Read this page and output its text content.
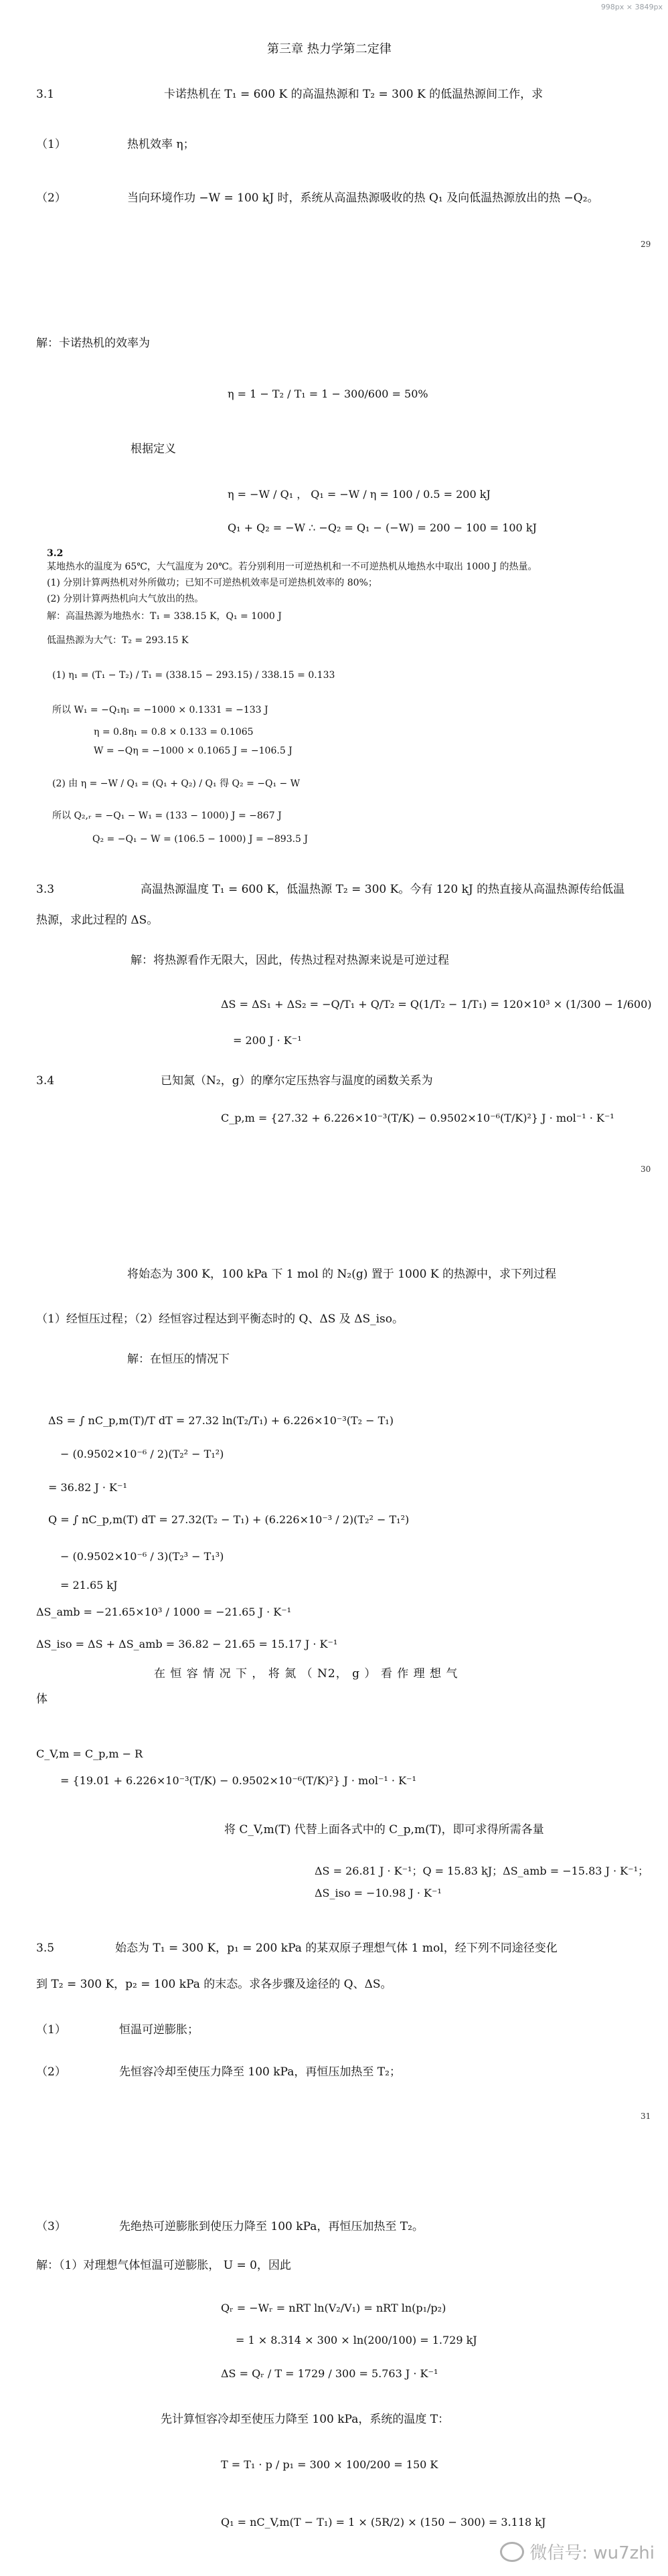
998px × 3849px
第三章 热力学第二定律
3.1	卡诺热机在 T₁ = 600 K 的高温热源和 T₂ = 300 K 的低温热源间工作，求
（1）	热机效率 η；
（2）	当向环境作功 −W = 100 kJ 时，系统从高温热源吸收的热 Q₁ 及向低温热源放出的热 −Q₂。
29
解：卡诺热机的效率为
η = 1 − T₂ / T₁ = 1 − 300/600 = 50%
根据定义
η = −W / Q₁ ， Q₁ = −W / η = 100 / 0.5 = 200 kJ
Q₁ + Q₂ = −W ∴ −Q₂ = Q₁ − (−W) = 200 − 100 = 100 kJ
3.2
某地热水的温度为 65℃，大气温度为 20℃。若分别利用一可逆热机和一不可逆热机从地热水中取出 1000 J 的热量。
(1) 分别计算两热机对外所做功；已知不可逆热机效率是可逆热机效率的 80%；
(2) 分别计算两热机向大气放出的热。
解：高温热源为地热水：T₁ = 338.15 K，Q₁ = 1000 J
低温热源为大气：T₂ = 293.15 K
(1) η₁ = (T₁ − T₂) / T₁ = (338.15 − 293.15) / 338.15 = 0.133
所以 W₁ = −Q₁η₁ = −1000 × 0.1331 = −133 J
η = 0.8η₁ = 0.8 × 0.133 = 0.1065
W = −Qη = −1000 × 0.1065 J = −106.5 J
(2) 由 η = −W / Q₁ = (Q₁ + Q₂) / Q₁ 得 Q₂ = −Q₁ − W
所以 Q₂,ᵣ = −Q₁ − W₁ = (133 − 1000) J = −867 J
Q₂ = −Q₁ − W = (106.5 − 1000) J = −893.5 J
3.3	高温热源温度 T₁ = 600 K，低温热源 T₂ = 300 K。今有 120 kJ 的热直接从高温热源传给低温
热源，求此过程的 ΔS。
解：将热源看作无限大，因此，传热过程对热源来说是可逆过程
ΔS = ΔS₁ + ΔS₂ = −Q/T₁ + Q/T₂ = Q(1/T₂ − 1/T₁) = 120×10³ × (1/300 − 1/600)
= 200 J · K⁻¹
3.4	已知氮（N₂，g）的摩尔定压热容与温度的函数关系为
C_p,m = {27.32 + 6.226×10⁻³(T/K) − 0.9502×10⁻⁶(T/K)²} J · mol⁻¹ · K⁻¹
30
将始态为 300 K，100 kPa 下 1 mol 的 N₂(g) 置于 1000 K 的热源中，求下列过程
（1）经恒压过程；（2）经恒容过程达到平衡态时的 Q、ΔS 及 ΔS_iso。
解：在恒压的情况下
ΔS = ∫ nC_p,m(T)/T dT = 27.32 ln(T₂/T₁) + 6.226×10⁻³(T₂ − T₁)
− (0.9502×10⁻⁶ / 2)(T₂² − T₁²)
= 36.82 J · K⁻¹
Q = ∫ nC_p,m(T) dT = 27.32(T₂ − T₁) + (6.226×10⁻³ / 2)(T₂² − T₁²)
− (0.9502×10⁻⁶ / 3)(T₂³ − T₁³)
= 21.65 kJ
ΔS_amb = −21.65×10³ / 1000 = −21.65 J · K⁻¹
ΔS_iso = ΔS + ΔS_amb = 36.82 − 21.65 = 15.17 J · K⁻¹
在 恒 容 情 况 下 ， 将 氮 （ N2， g ） 看 作 理 想 气
体
C_V,m = C_p,m − R
= {19.01 + 6.226×10⁻³(T/K) − 0.9502×10⁻⁶(T/K)²} J · mol⁻¹ · K⁻¹
将 C_V,m(T) 代替上面各式中的 C_p,m(T)，即可求得所需各量
ΔS = 26.81 J · K⁻¹；Q = 15.83 kJ；ΔS_amb = −15.83 J · K⁻¹；
ΔS_iso = −10.98 J · K⁻¹
3.5	始态为 T₁ = 300 K，p₁ = 200 kPa 的某双原子理想气体 1 mol，经下列不同途径变化
到 T₂ = 300 K，p₂ = 100 kPa 的末态。求各步骤及途径的 Q、ΔS。
（1）	恒温可逆膨胀；
（2）	先恒容冷却至使压力降至 100 kPa，再恒压加热至 T₂；
31
（3）	先绝热可逆膨胀到使压力降至 100 kPa，再恒压加热至 T₂。
解：（1）对理想气体恒温可逆膨胀， U = 0，因此
Qᵣ = −Wᵣ = nRT ln(V₂/V₁) = nRT ln(p₁/p₂)
= 1 × 8.314 × 300 × ln(200/100) = 1.729 kJ
ΔS = Qᵣ / T = 1729 / 300 = 5.763 J · K⁻¹
先计算恒容冷却至使压力降至 100 kPa，系统的温度 T：
T = T₁ · p / p₁ = 300 × 100/200 = 150 K
Q₁ = nC_V,m(T − T₁) = 1 × (5R/2) × (150 − 300) = 3.118 kJ
微信号: wu7zhi
